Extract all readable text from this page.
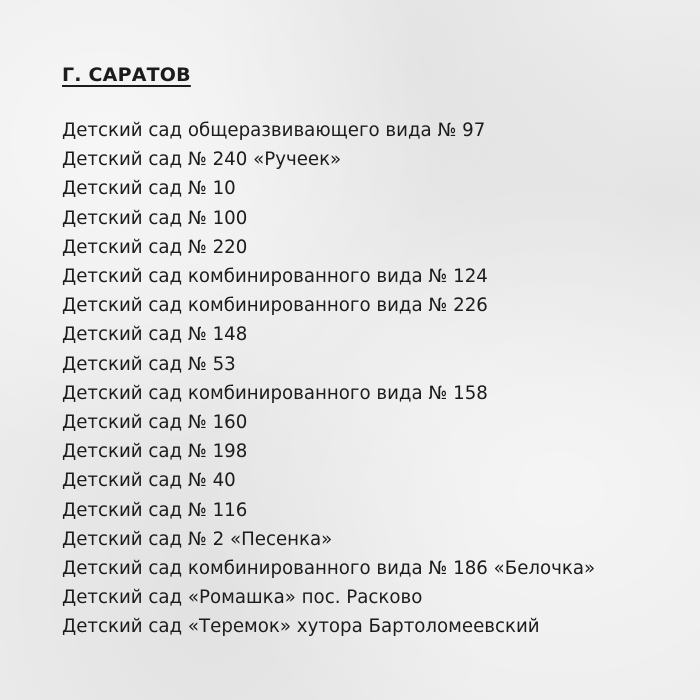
Г. САРАТОВ
Детский сад общеразвивающего вида № 97
Детский сад № 240 «Ручеек»
Детский сад № 10
Детский сад № 100
Детский сад № 220
Детский сад комбинированного вида № 124
Детский сад комбинированного вида № 226
Детский сад № 148
Детский сад № 53
Детский сад комбинированного вида № 158
Детский сад № 160
Детский сад № 198
Детский сад № 40
Детский сад № 116
Детский сад № 2 «Песенка»
Детский сад комбинированного вида № 186 «Белочка»
Детский сад «Ромашка» пос. Расково
Детский сад «Теремок» хутора Бартоломеевский
